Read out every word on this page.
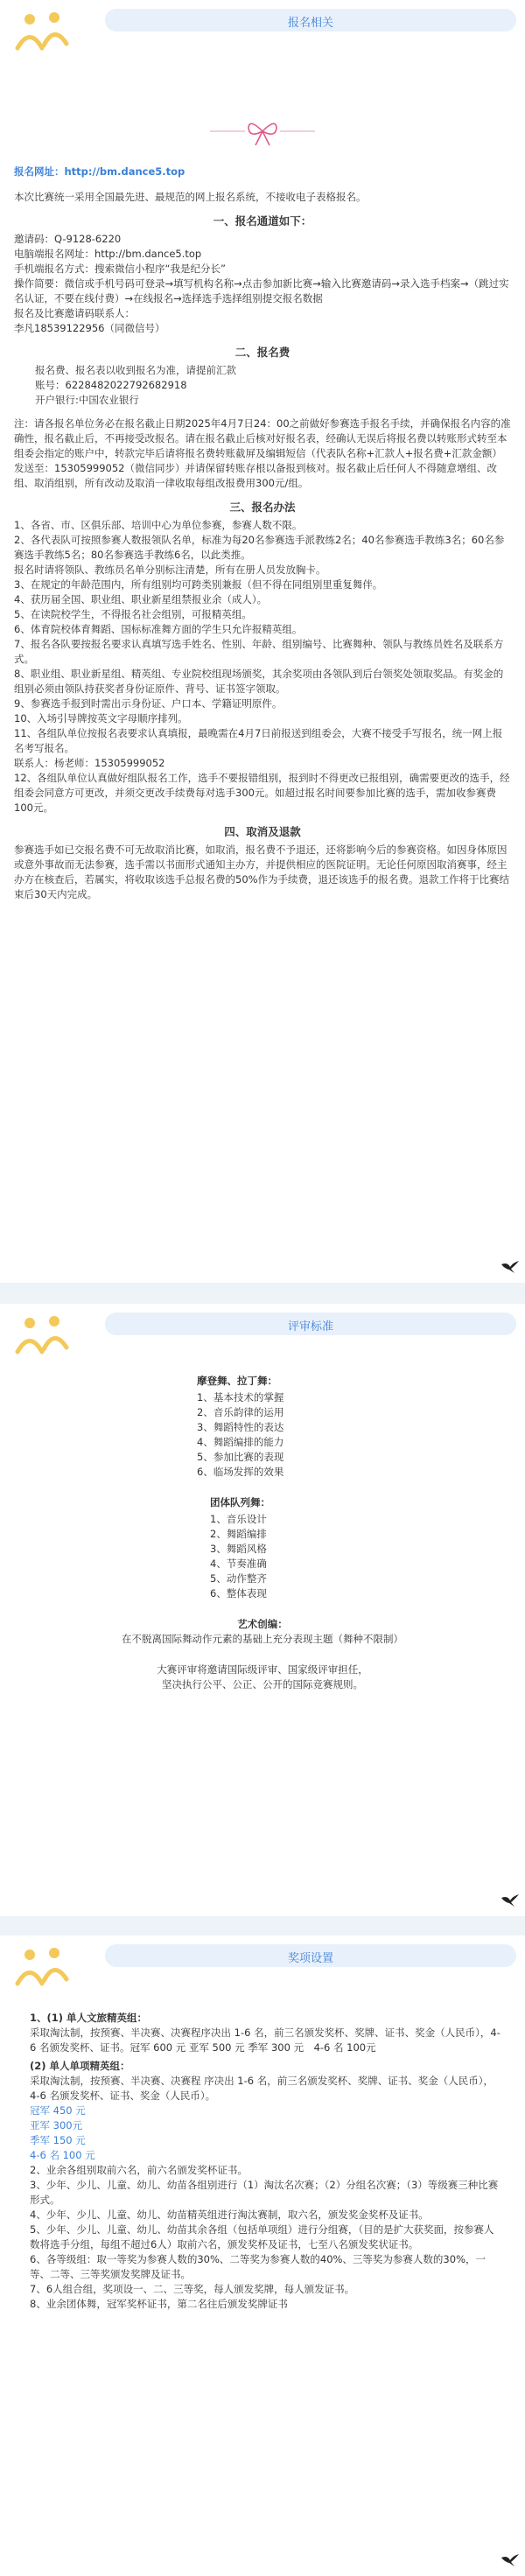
报名相关

报名网址：http://bm.dance5.top

本次比赛统一采用全国最先进、最规范的网上报名系统，不接收电子表格报名。

一、报名通道如下：

邀请码：Q-9128-6220

电脑端报名网址：http://bm.dance5.top

手机端报名方式：搜索微信小程序“我是纪分长”

操作简要：微信或手机号码可登录→填写机构名称→点击参加新比赛→输入比赛邀请码→录入选手档案→（跳过实名认证，不要在线付费）→在线报名→选择选手选择组别提交报名数据

报名及比赛邀请码联系人：

李凡18539122956（同微信号）

二、报名费

报名费、报名表以收到报名为准，请提前汇款

账号：6228482022792682918

开户银行:中国农业银行

注：请各报名单位务必在报名截止日期2025年4月7日24：00之前做好参赛选手报名手续，并确保报名内容的准确性，报名截止后，不再接受改报名。请在报名截止后核对好报名表，经确认无误后将报名费以转账形式转至本组委会指定的账户中，转款完毕后请将报名费转账截屏及编辑短信（代表队名称+汇款人+报名费+汇款金额）发送至：15305999052（微信同步）并请保留转账存根以备报到核对。报名截止后任何人不得随意增组、改组、取消组别，所有改动及取消一律收取每组改报费用300元/组。

三、报名办法

1、各省、市、区俱乐部、培训中心为单位参赛，参赛人数不限。

2、各代表队可按照参赛人数报领队名单，标准为每20名参赛选手派教练2名；40名参赛选手教练3名；60名参赛选手教练5名；80名参赛选手教练6名，以此类推。

报名时请将领队、教练员名单分别标注清楚，所有在册人员发放胸卡。

3、在规定的年龄范围内，所有组别均可跨类别兼报（但不得在同组别里重复舞伴。

4、获历届全国、职业组、职业新星组禁报业余（成人）。

5、在读院校学生，不得报名社会组别，可报精英组。

6、体育院校体育舞蹈、国标标准舞方面的学生只允许报精英组。

7、报名各队要按报名要求认真填写选手姓名、性别、年龄、组别编号、比赛舞种、领队与教练员姓名及联系方式。

8、职业组、职业新星组、精英组、专业院校组现场颁奖，其余奖项由各领队到后台领奖处领取奖品。有奖金的组别必须由领队持获奖者身份证原件、背号、证书签字领取。

9、参赛选手报到时需出示身份证、户口本、学籍证明原件。

10、入场引导牌按英文字母顺序排列。

11、各组队单位按报名表要求认真填报，最晚需在4月7日前报送到组委会，大赛不接受手写报名，统一网上报名考写报名。

联系人：杨老师：15305999052

12、各组队单位认真做好组队报名工作，选手不要报错组别，报到时不得更改已报组别，确需要更改的选手，经组委会同意方可更改，并须交更改手续费每对选手300元。如超过报名时间要参加比赛的选手，需加收参赛费100元。

四、取消及退款

参赛选手如已交报名费不可无故取消比赛，如取消，报名费不予退还，还将影响今后的参赛资格。如因身体原因或意外事故而无法参赛，选手需以书面形式通知主办方，并提供相应的医院证明。无论任何原因取消赛事，经主办方在核查后，若属实，将收取该选手总报名费的50%作为手续费，退还该选手的报名费。退款工作将于比赛结束后30天内完成。

评审标准

摩登舞、拉丁舞：

1、基本技术的掌握

2、音乐韵律的运用

3、舞蹈特性的表达

4、舞蹈编排的能力

5、参加比赛的表现

6、临场发挥的效果

团体队列舞：

1、音乐设计

2、舞蹈编排

3、舞蹈风格

4、节奏准确

5、动作整齐

6、整体表现

艺术创编：

在不脱离国际舞动作元素的基础上充分表现主题（舞种不限制）

大赛评审将邀请国际级评审、国家级评审担任，

坚决执行公平、公正、公开的国际竞赛规则。

奖项设置

1、(1) 单人文旅精英组：

采取淘汰制，按预赛、半决赛、决赛程序决出 1-6 名，前三名颁发奖杯、奖牌、证书、奖金（人民币），4-6 名颁发奖杯、证书。冠军 600 元 亚军 500 元 季军 300 元　4-6 名 100元

(2) 单人单项精英组：

采取淘汰制，按预赛、半决赛、决赛程 序决出 1-6 名，前三名颁发奖杯、奖牌、证书、奖金（人民币），4-6 名颁发奖杯、证书、奖金（人民币）。

冠军 450 元

亚军 300元

季军 150 元

4-6 名 100 元

2、业余各组别取前六名，前六名颁发奖杯证书。

3、少年、少儿、儿童、幼儿、幼苗各组别进行（1）淘汰名次赛；（2）分组名次赛；（3）等级赛三种比赛形式。

4、少年、少儿、儿童、幼儿、幼苗精英组进行淘汰赛制，取六名，颁发奖金奖杯及证书。

5、少年、少儿、儿童、幼儿、幼苗其余各组（包括单项组）进行分组赛，（目的是扩大获奖面，按参赛人数将选手分组，每组不超过6人）取前六名，颁发奖杯及证书，七至八名颁发奖状证书。

6、各等级组：取一等奖为参赛人数的30%、二等奖为参赛人数的40%、三等奖为参赛人数的30%，一等、二等、三等奖颁发奖牌及证书。

7、6人组合组，奖项设一、二、三等奖，每人颁发奖牌，每人颁发证书。

8、业余团体舞，冠军奖杯证书，第二名往后颁发奖牌证书
